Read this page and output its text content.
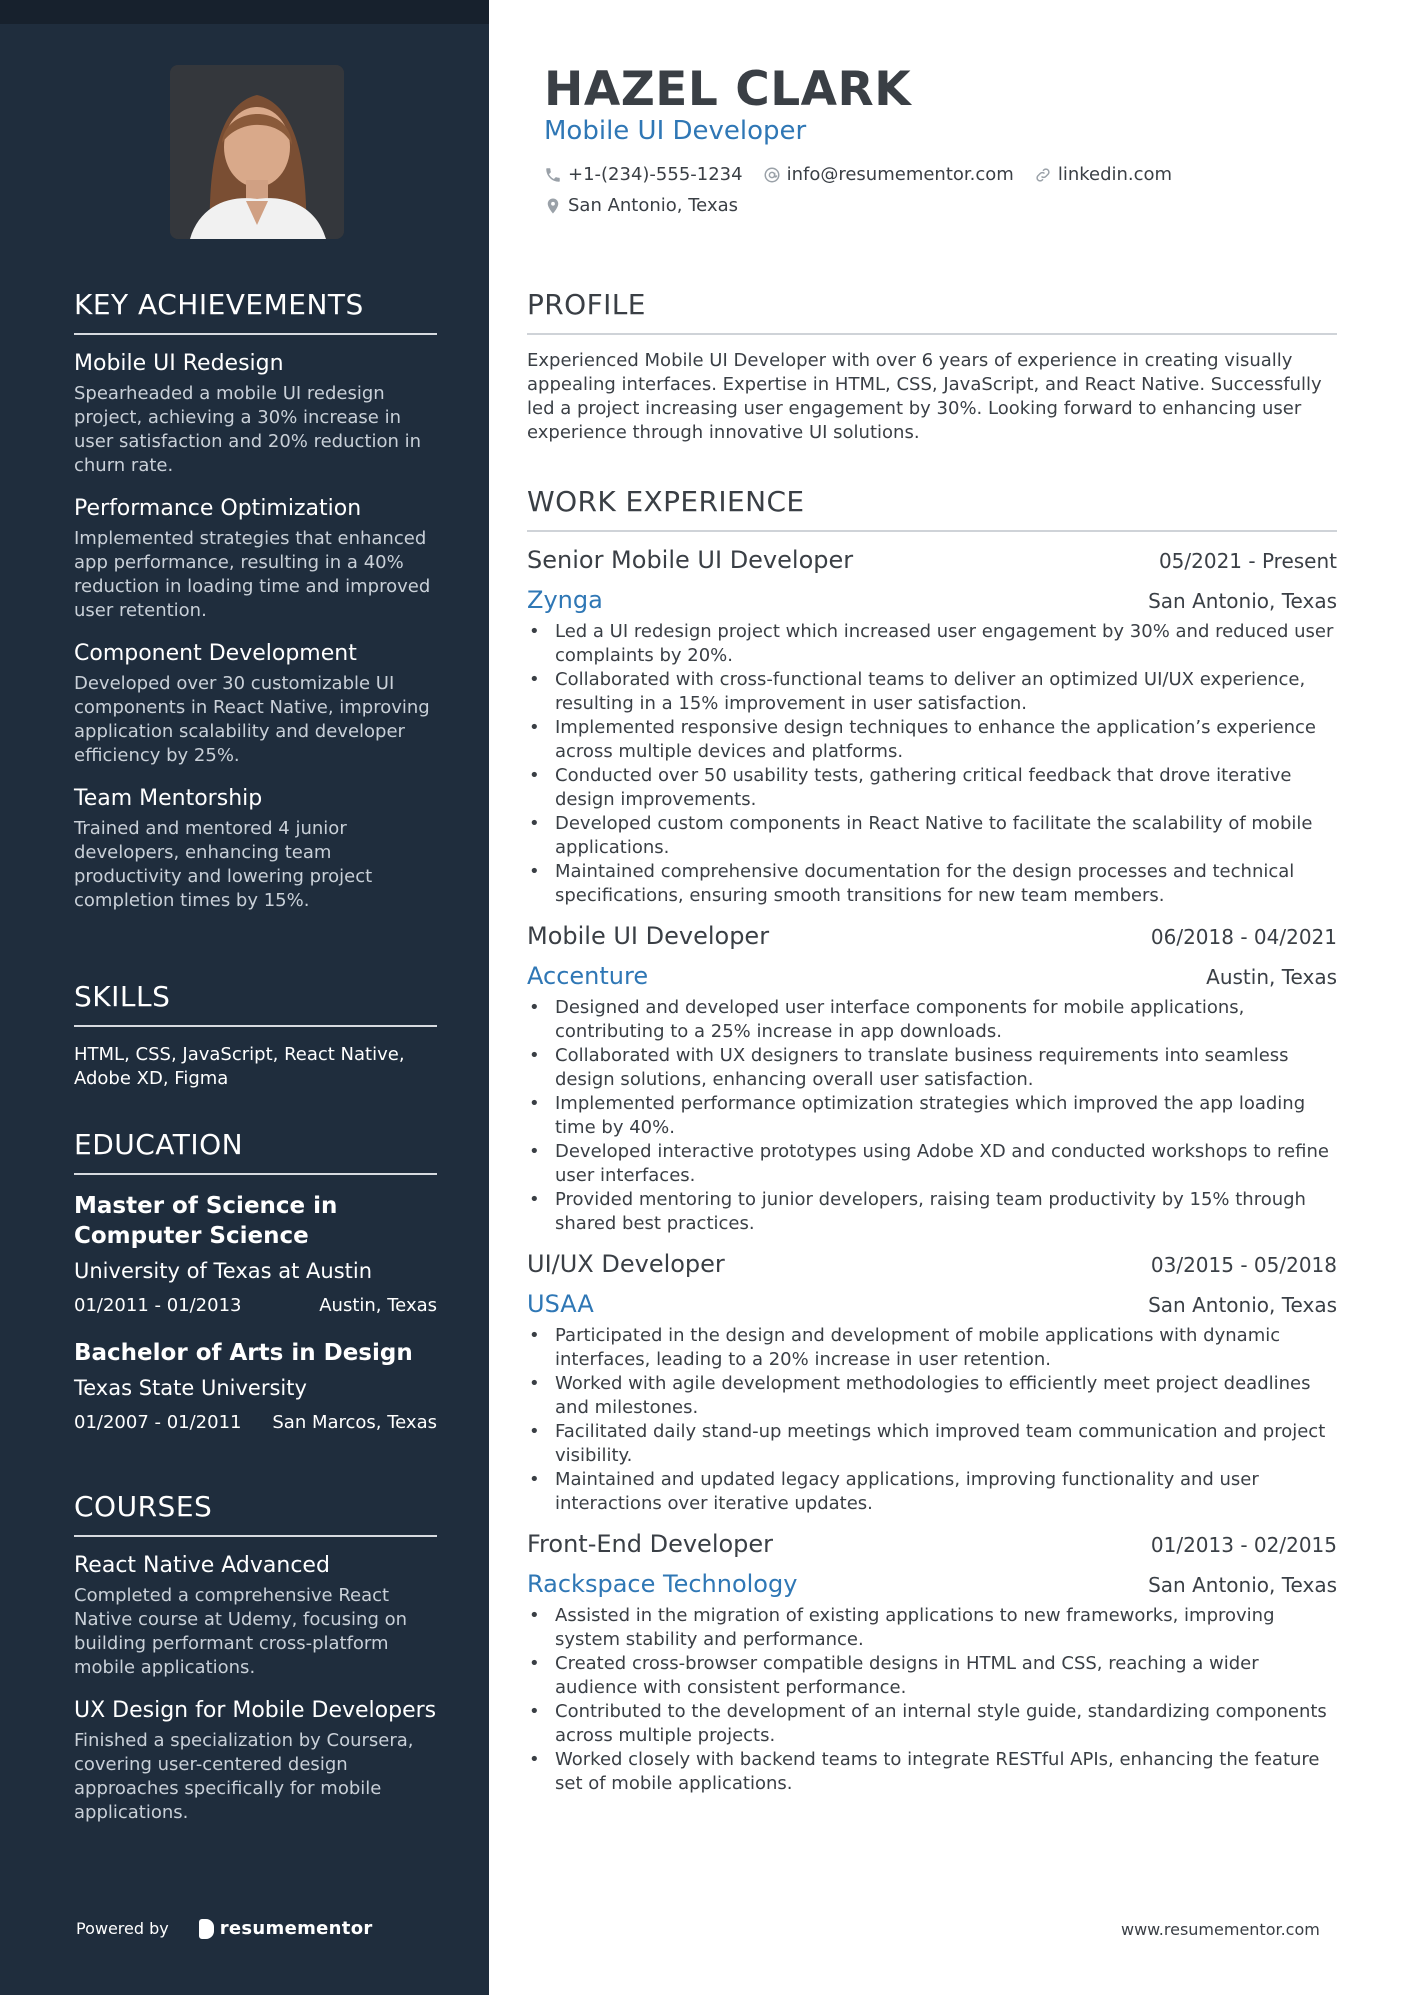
KEY ACHIEVEMENTS
Mobile UI Redesign
Spearheaded a mobile UI redesign project, achieving a 30% increase in user satisfaction and 20% reduction in churn rate.
Performance Optimization
Implemented strategies that enhanced app performance, resulting in a 40% reduction in loading time and improved user retention.
Component Development
Developed over 30 customizable UI components in React Native, improving application scalability and developer efficiency by 25%.
Team Mentorship
Trained and mentored 4 junior developers, enhancing team productivity and lowering project completion times by 15%.
SKILLS
HTML, CSS, JavaScript, React Native, Adobe XD, Figma
EDUCATION
Master of Science in Computer Science
University of Texas at Austin
01/2011 - 01/2013	Austin, Texas
Bachelor of Arts in Design
Texas State University
01/2007 - 01/2011 San Marcos, Texas
COURSES
React Native Advanced
Completed a comprehensive React Native course at Udemy, focusing on building performant cross-platform mobile applications.
UX Design for Mobile Developers
Finished a specialization by Coursera, covering user-centered design approaches specifically for mobile applications.
Powered by	resumementor
HAZEL CLARK
Mobile UI Developer
+1-(234)-555-1234 info@resumementor.com linkedin.com
San Antonio, Texas
PROFILE
Experienced Mobile UI Developer with over 6 years of experience in creating visually appealing interfaces. Expertise in HTML, CSS, JavaScript, and React Native. Successfully led a project increasing user engagement by 30%. Looking forward to enhancing user experience through innovative UI solutions.
WORK EXPERIENCE
Senior Mobile UI Developer	05/2021 - Present
Zynga	San Antonio, Texas
• Led a UI redesign project which increased user engagement by 30% and reduced user complaints by 20%.
• Collaborated with cross-functional teams to deliver an optimized UI/UX experience, resulting in a 15% improvement in user satisfaction.
• Implemented responsive design techniques to enhance the application’s experience across multiple devices and platforms.
• Conducted over 50 usability tests, gathering critical feedback that drove iterative design improvements.
• Developed custom components in React Native to facilitate the scalability of mobile applications.
• Maintained comprehensive documentation for the design processes and technical specifications, ensuring smooth transitions for new team members.
Mobile UI Developer	06/2018 - 04/2021
Accenture	Austin, Texas
• Designed and developed user interface components for mobile applications, contributing to a 25% increase in app downloads.
• Collaborated with UX designers to translate business requirements into seamless design solutions, enhancing overall user satisfaction.
• Implemented performance optimization strategies which improved the app loading time by 40%.
• Developed interactive prototypes using Adobe XD and conducted workshops to refine user interfaces.
• Provided mentoring to junior developers, raising team productivity by 15% through shared best practices.
UI/UX Developer	03/2015 - 05/2018
USAA	San Antonio, Texas
• Participated in the design and development of mobile applications with dynamic interfaces, leading to a 20% increase in user retention.
• Worked with agile development methodologies to efficiently meet project deadlines and milestones.
• Facilitated daily stand-up meetings which improved team communication and project visibility.
• Maintained and updated legacy applications, improving functionality and user interactions over iterative updates.
Front-End Developer	01/2013 - 02/2015
Rackspace Technology	San Antonio, Texas
• Assisted in the migration of existing applications to new frameworks, improving system stability and performance.
• Created cross-browser compatible designs in HTML and CSS, reaching a wider audience with consistent performance.
• Contributed to the development of an internal style guide, standardizing components across multiple projects.
• Worked closely with backend teams to integrate RESTful APIs, enhancing the feature set of mobile applications.
www.resumementor.com
